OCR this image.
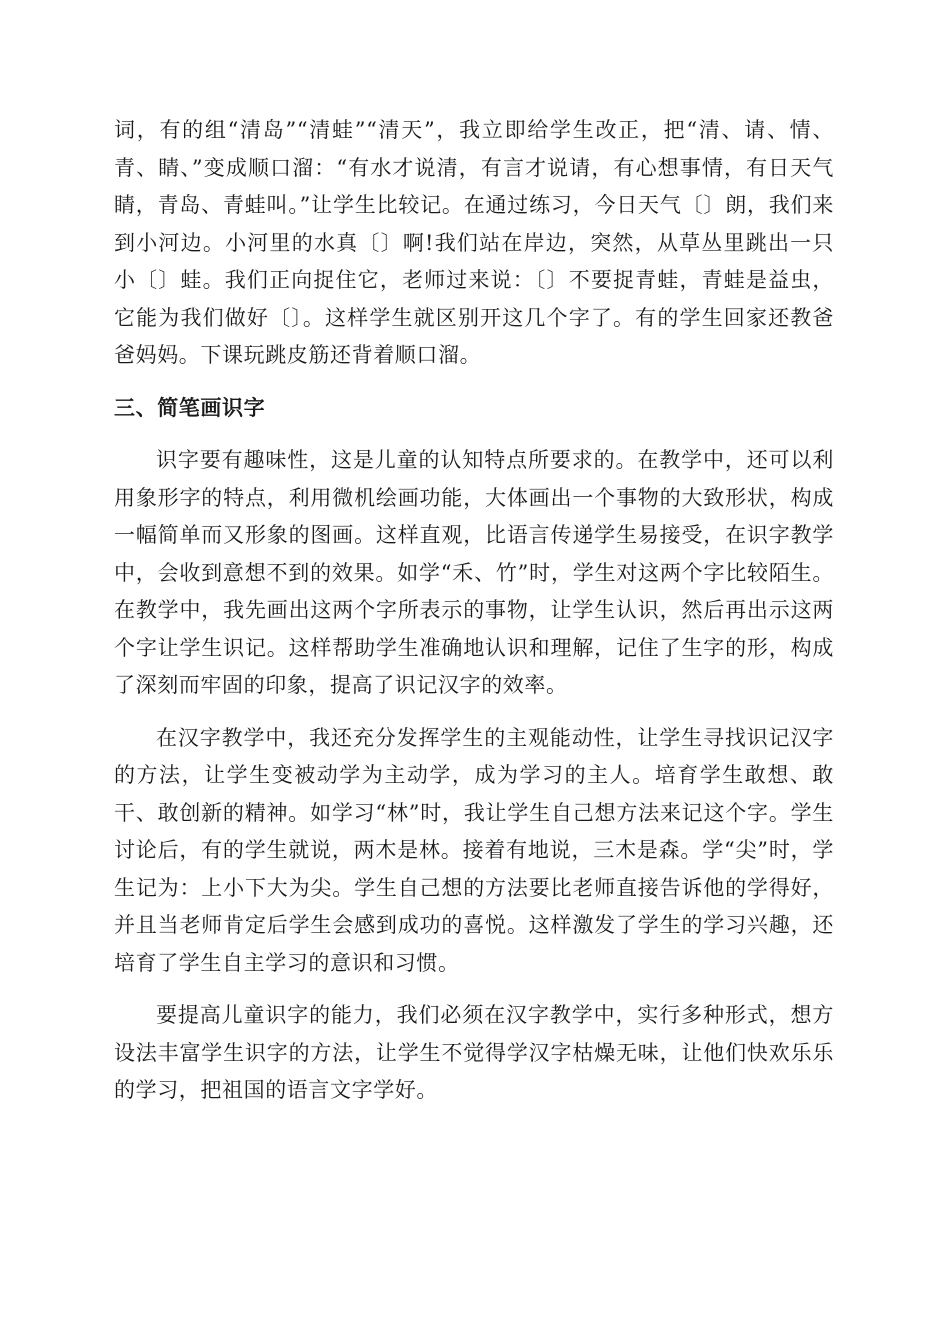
词，有的组“清岛”“清蛙”“清天”，我立即给学生改正，把“清、请、情、青、睛、”变成顺口溜：“有水才说清，有言才说请，有心想事情，有日天气睛，青岛、青蛙叫。”让学生比较记。在通过练习，今日天气〔〕朗，我们来到小河边。小河里的水真〔〕啊!我们站在岸边，突然，从草丛里跳出一只小〔〕蛙。我们正向捉住它，老师过来说：〔〕不要捉青蛙，青蛙是益虫，它能为我们做好〔〕。这样学生就区别开这几个字了。有的学生回家还教爸爸妈妈。下课玩跳皮筋还背着顺口溜。

三、简笔画识字

识字要有趣味性，这是儿童的认知特点所要求的。在教学中，还可以利用象形字的特点，利用微机绘画功能，大体画出一个事物的大致形状，构成一幅简单而又形象的图画。这样直观，比语言传递学生易接受，在识字教学中，会收到意想不到的效果。如学“禾、竹”时，学生对这两个字比较陌生。在教学中，我先画出这两个字所表示的事物，让学生认识，然后再出示这两个字让学生识记。这样帮助学生准确地认识和理解，记住了生字的形，构成了深刻而牢固的印象，提高了识记汉字的效率。

在汉字教学中，我还充分发挥学生的主观能动性，让学生寻找识记汉字的方法，让学生变被动学为主动学，成为学习的主人。培育学生敢想、敢干、敢创新的精神。如学习“林”时，我让学生自己想方法来记这个字。学生讨论后，有的学生就说，两木是林。接着有地说，三木是森。学“尖”时，学生记为：上小下大为尖。学生自己想的方法要比老师直接告诉他的学得好，并且当老师肯定后学生会感到成功的喜悦。这样激发了学生的学习兴趣，还培育了学生自主学习的意识和习惯。

要提高儿童识字的能力，我们必须在汉字教学中，实行多种形式，想方设法丰富学生识字的方法，让学生不觉得学汉字枯燥无味，让他们快欢乐乐的学习，把祖国的语言文字学好。
